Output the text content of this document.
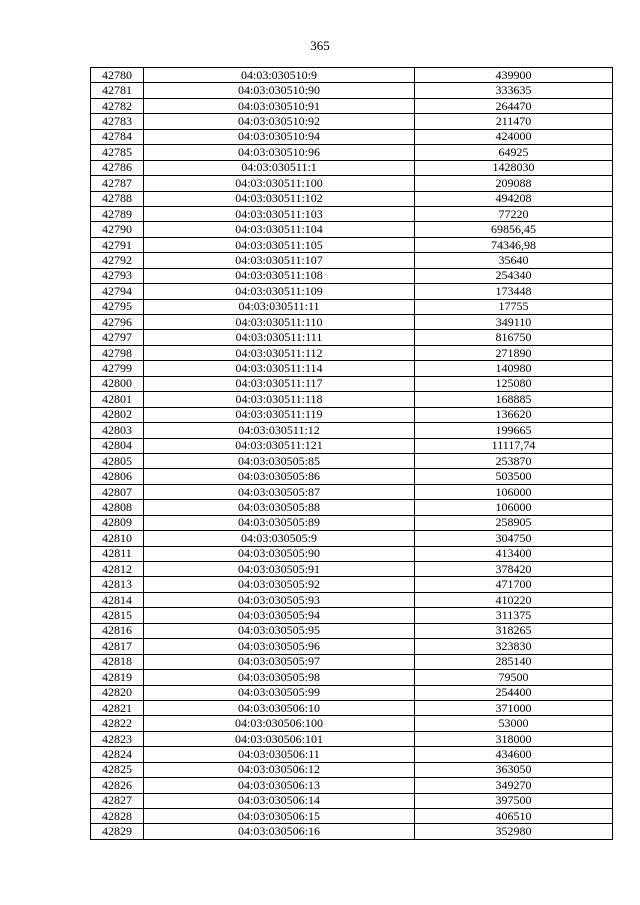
365
42780	04:03:030510:9	439900
42781	04:03:030510:90	333635
42782	04:03:030510:91	264470
42783	04:03:030510:92	211470
42784	04:03:030510:94	424000
42785	04:03:030510:96	64925
42786	04:03:030511:1	1428030
42787	04:03:030511:100	209088
42788	04:03:030511:102	494208
42789	04:03:030511:103	77220
42790	04:03:030511:104	69856,45
42791	04:03:030511:105	74346,98
42792	04:03:030511:107	35640
42793	04:03:030511:108	254340
42794	04:03:030511:109	173448
42795	04:03:030511:11	17755
42796	04:03:030511:110	349110
42797	04:03:030511:111	816750
42798	04:03:030511:112	271890
42799	04:03:030511:114	140980
42800	04:03:030511:117	125080
42801	04:03:030511:118	168885
42802	04:03:030511:119	136620
42803	04:03:030511:12	199665
42804	04:03:030511:121	11117,74
42805	04:03:030505:85	253870
42806	04:03:030505:86	503500
42807	04:03:030505:87	106000
42808	04:03:030505:88	106000
42809	04:03:030505:89	258905
42810	04:03:030505:9	304750
42811	04:03:030505:90	413400
42812	04:03:030505:91	378420
42813	04:03:030505:92	471700
42814	04:03:030505:93	410220
42815	04:03:030505:94	311375
42816	04:03:030505:95	318265
42817	04:03:030505:96	323830
42818	04:03:030505:97	285140
42819	04:03:030505:98	79500
42820	04:03:030505:99	254400
42821	04:03:030506:10	371000
42822	04:03:030506:100	53000
42823	04:03:030506:101	318000
42824	04:03:030506:11	434600
42825	04:03:030506:12	363050
42826	04:03:030506:13	349270
42827	04:03:030506:14	397500
42828	04:03:030506:15	406510
42829	04:03:030506:16	352980
